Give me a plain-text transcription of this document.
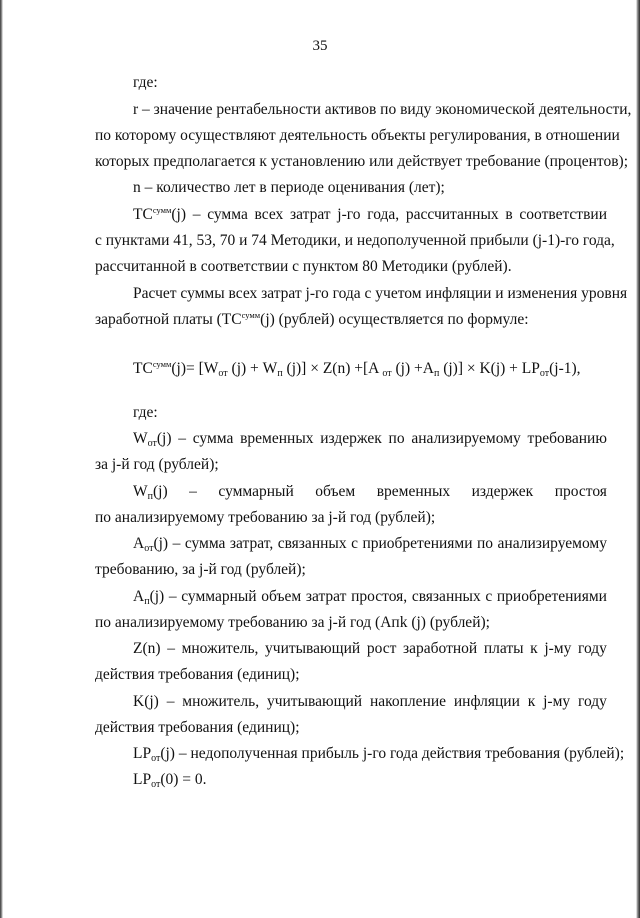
35
где:
r – значение рентабельности активов по виду экономической деятельности,
по которому осуществляют деятельность объекты регулирования, в отношении
которых предполагается к установлению или действует требование (процентов);
n – количество лет в периоде оценивания (лет);
$TC^{сумм}$ (j) – сумма всех затрат j-го года, рассчитанных в соответствии
с пунктами 41, 53, 70 и 74 Методики, и недополученной прибыли (j-1)-го года,
рассчитанной в соответствии с пунктом 80 Методики (рублей).
Расчет суммы всех затрат j-го года с учетом инфляции и изменения уровня
заработной платы ($TC^{сумм}(j)$ (рублей) осуществляется по формуле:
$TC^{сумм}(j)= [W_{от}$ $(j) + W_п$ (j)] × Z(n) +[A $_{от}$ $(j) +A_п$ $(j)] \times K(j) + LP_{от}(j-1)$,
где:
$W_{от}(j)$ – сумма временных издержек по анализируемому требованию
за j-й год (рублей);
$W_п(j)$ – суммарный объем временных издержек простоя
по анализируемому требованию за j-й год (рублей);
$A_{от}(j)$ – сумма затрат, связанных с приобретениями по анализируемому
требованию, за j-й год (рублей);
$A_п(j)$ – суммарный объем затрат простоя, связанных с приобретениями
по анализируемому требованию за j-й год (Aпk (j) (рублей);
Z(n) – множитель, учитывающий рост заработной платы к j-му году
действия требования (единиц);
K(j) – множитель, учитывающий накопление инфляции к j-му году
действия требования (единиц);
$LP_{от}(j)$ – недополученная прибыль j-го года действия требования (рублей);
$LP_{от}(0) = 0$.
